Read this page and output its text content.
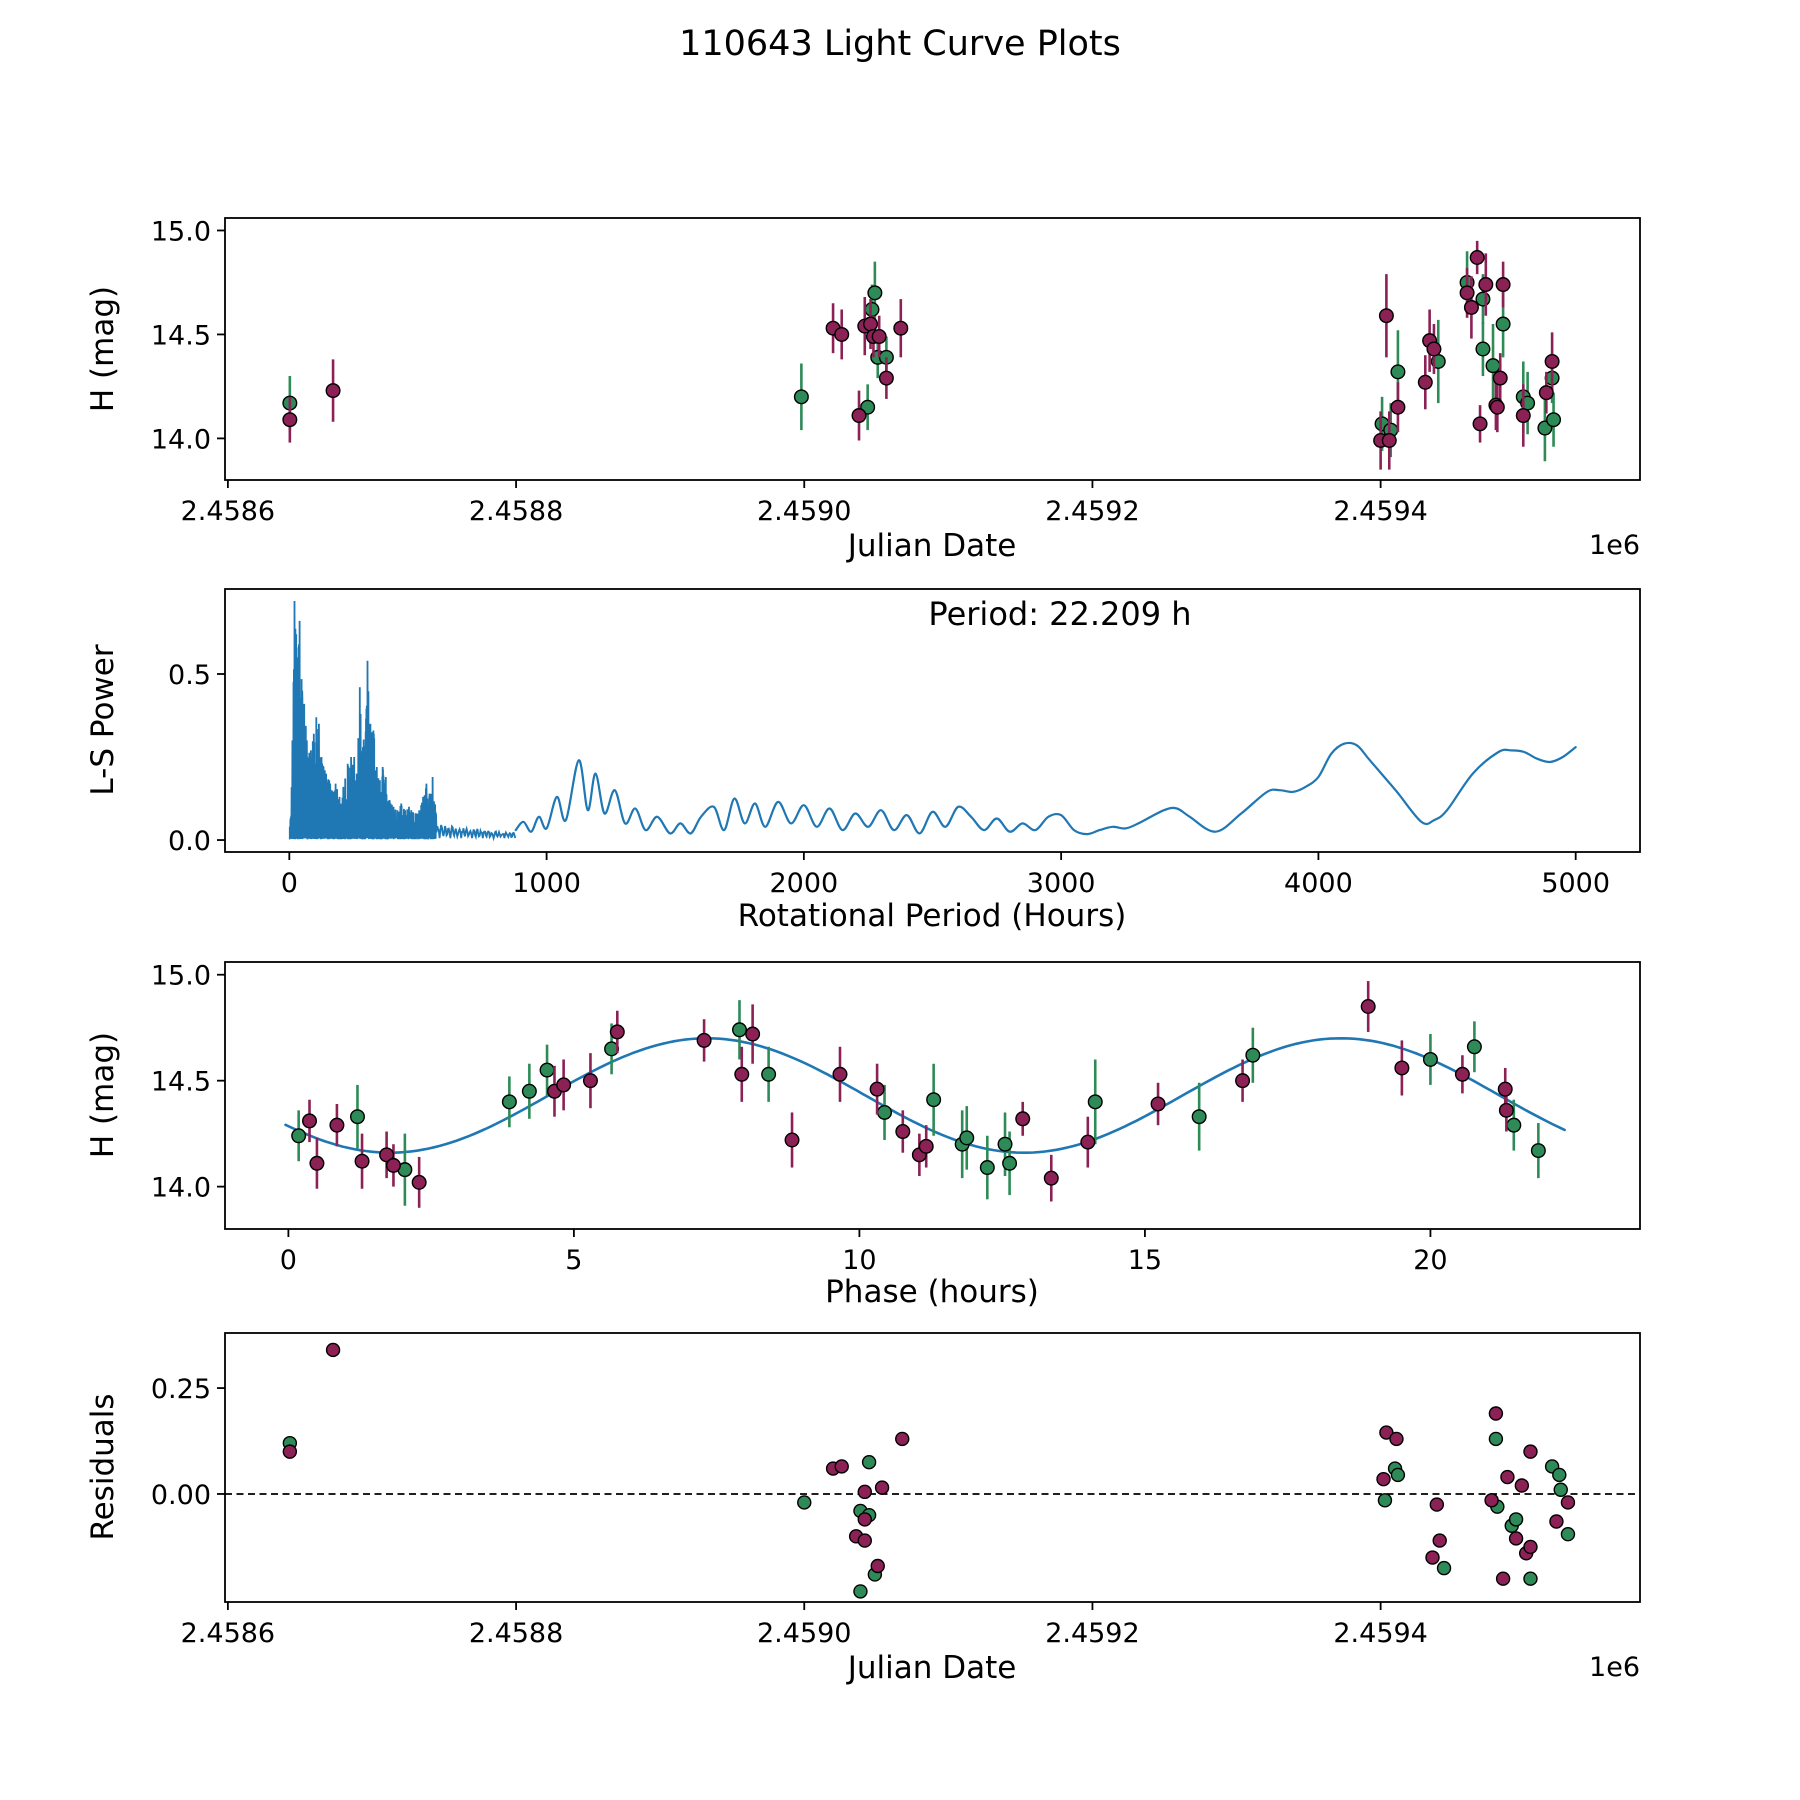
2.4586	2.4588	2.4590	2.4592	2.4594
14.0
14.5
15.0
0	1000	2000	3000	4000	5000
0.0
0.5
0	5	10	15	20
14.0
14.5
15.0
2.4586	2.4588	2.4590	2.4592	2.4594
0.00
0.25
110643 Light Curve Plots
H (mag)
Julian Date	1e6
L-S Power
Rotational Period (Hours)
Period: 22.209 h
H (mag)
Phase (hours)
Residuals
Julian Date	1e6
